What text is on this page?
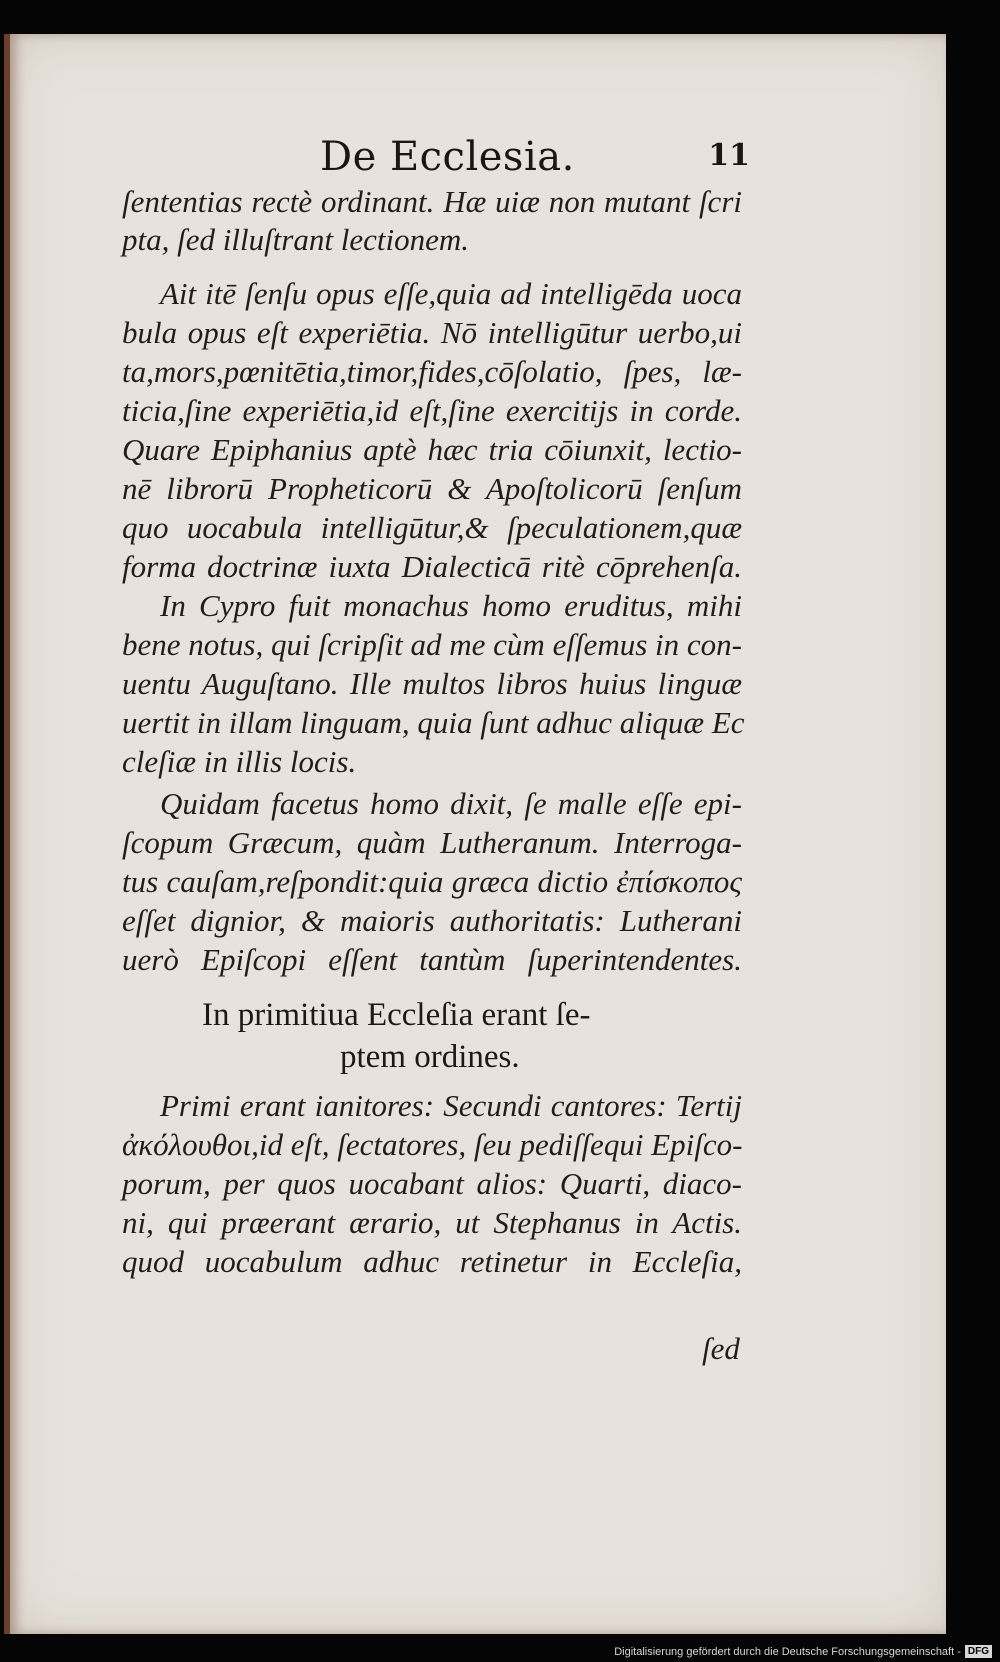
De Ecclesia.	11
ſententias rectè ordinant. Hæ uiæ non mutant ſcri
pta, ſed illuſtrant lectionem.
Ait itē ſenſu opus eſſe,quia ad intelligēda uoca
bula opus eſt experiētia. Nō intelligūtur uerbo,ui
ta,mors,pœnitētia,timor,fides,cōſolatio, ſpes, læ-
ticia,ſine experiētia,id eſt,ſine exercitijs in corde.
Quare Epiphanius aptè hæc tria cōiunxit, lectio-
nē librorū Propheticorū & Apoſtolicorū ſenſum
quo uocabula intelligūtur,& ſpeculationem,quæ
forma doctrinæ iuxta Dialecticā ritè cōprehenſa.
In Cypro fuit monachus homo eruditus, mihi
bene notus, qui ſcripſit ad me cùm eſſemus in con-
uentu Auguſtano. Ille multos libros huius linguæ
uertit in illam linguam, quia ſunt adhuc aliquæ Ec
cleſiæ in illis locis.
Quidam facetus homo dixit, ſe malle eſſe epi-
ſcopum Græcum, quàm Lutheranum. Interroga-
tus cauſam,reſpondit:quia græca dictio ἐπίσκοπος
eſſet dignior, & maioris authoritatis: Lutherani
uerò Epiſcopi eſſent tantùm ſuperintendentes.
In primitiua Eccleſia erant ſe-
ptem ordines.
Primi erant ianitores: Secundi cantores: Tertij
ἀκόλουθοι,id eſt, ſectatores, ſeu pediſſequi Epiſco-
porum, per quos uocabant alios: Quarti, diaco-
ni, qui præerant ærario, ut Stephanus in Actis.
quod uocabulum adhuc retinetur in Eccleſia,
ſed
Digitalisierung gefördert durch die Deutsche Forschungsgemeinschaft - DFG
